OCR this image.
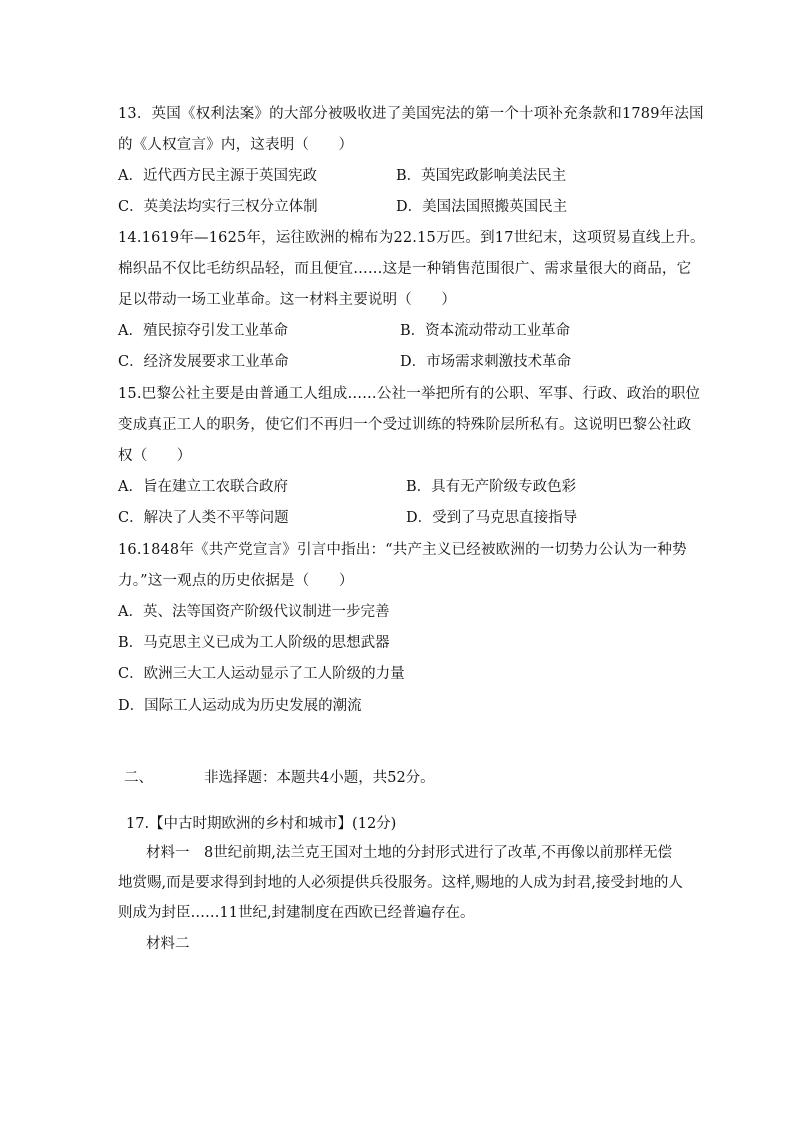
13．英国《权利法案》的大部分被吸收进了美国宪法的第一个十项补充条款和1789年法国
的《人权宣言》内，这表明（　　）
A．近代西方民主源于英国宪政	B．英国宪政影响美法民主
C．英美法均实行三权分立体制	D．美国法国照搬英国民主
14.1619年—1625年，运往欧洲的棉布为22.15万匹。到17世纪末，这项贸易直线上升。
棉织品不仅比毛纺织品轻，而且便宜……这是一种销售范围很广、需求量很大的商品，它
足以带动一场工业革命。这一材料主要说明（　　）
A．殖民掠夺引发工业革命	B．资本流动带动工业革命
C．经济发展要求工业革命	D．市场需求刺激技术革命
15.巴黎公社主要是由普通工人组成……公社一举把所有的公职、军事、行政、政治的职位
变成真正工人的职务，使它们不再归一个受过训练的特殊阶层所私有。这说明巴黎公社政
权（　　）
A．旨在建立工农联合政府	B．具有无产阶级专政色彩
C．解决了人类不平等问题	D．受到了马克思直接指导
16.1848年《共产党宣言》引言中指出：“共产主义已经被欧洲的一切势力公认为一种势
力。”这一观点的历史依据是（　　）
A．英、法等国资产阶级代议制进一步完善
B．马克思主义已成为工人阶级的思想武器
C．欧洲三大工人运动显示了工人阶级的力量
D．国际工人运动成为历史发展的潮流
二、	非选择题：本题共4小题，共52分。
17.【中古时期欧洲的乡村和城市】(12分)
材料一　8世纪前期,法兰克王国对土地的分封形式进行了改革,不再像以前那样无偿
地赏赐,而是要求得到封地的人必须提供兵役服务。这样,赐地的人成为封君,接受封地的人
则成为封臣……11世纪,封建制度在西欧已经普遍存在。
材料二
